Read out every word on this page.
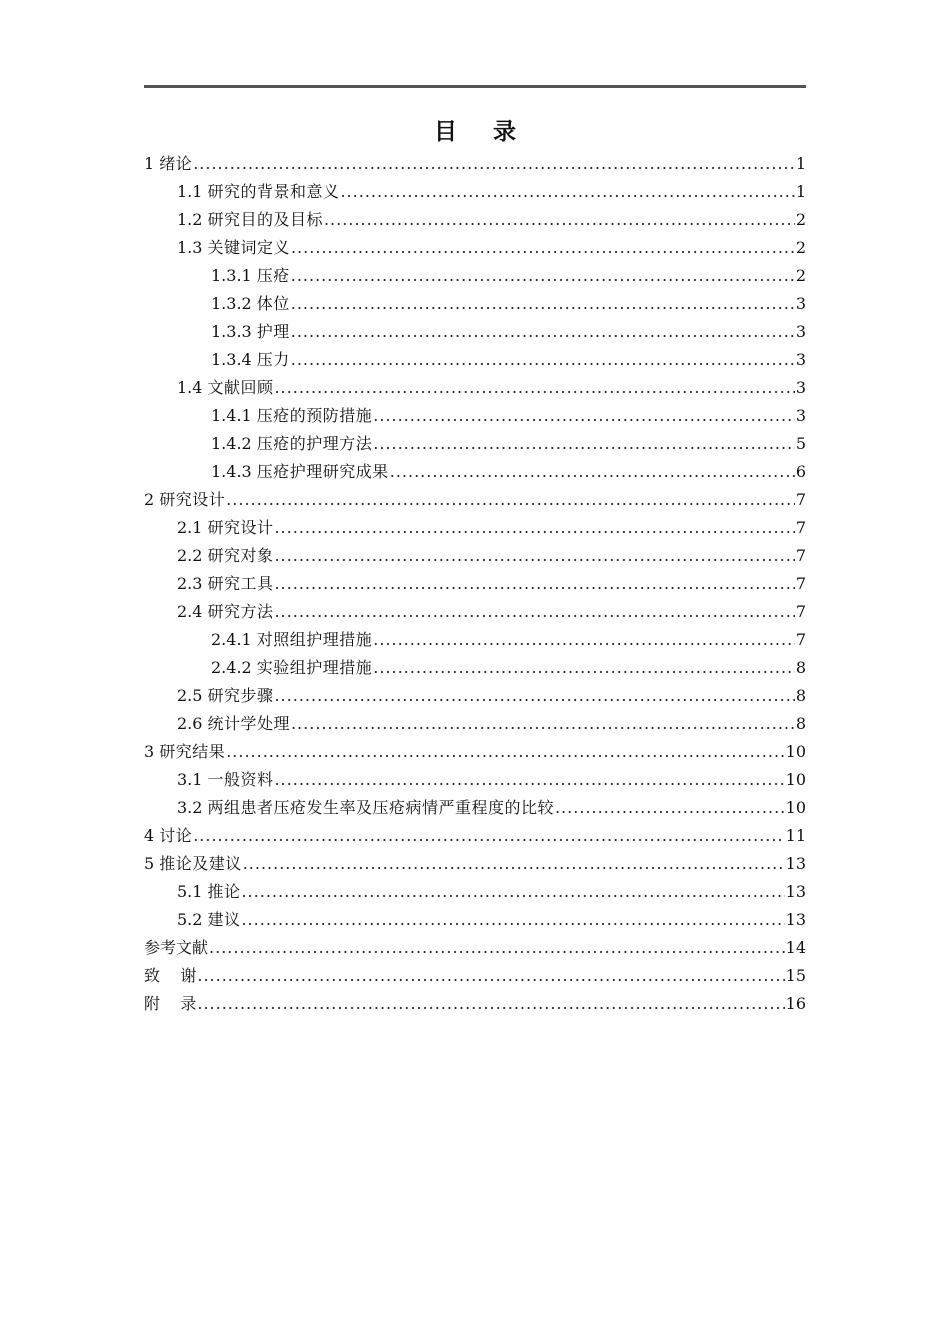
目 录
1 绪论 .....	1
1.1 研究的背景和意义 .....	1
1.2 研究目的及目标 .....	2
1.3 关键词定义 .....	2
1.3.1 压疮 .....	2
1.3.2 体位 .....	3
1.3.3 护理 .....	3
1.3.4 压力 .....	3
1.4 文献回顾 .....	3
1.4.1 压疮的预防措施 .....	3
1.4.2 压疮的护理方法 .....	5
1.4.3 压疮护理研究成果 .....	6
2 研究设计 .....	7
2.1 研究设计 .....	7
2.2 研究对象 .....	7
2.3 研究工具 .....	7
2.4 研究方法 .....	7
2.4.1 对照组护理措施 .....	7
2.4.2 实验组护理措施 .....	8
2.5 研究步骤 .....	8
2.6 统计学处理 .....	8
3 研究结果 .....	10
3.1 一般资料 .....	10
3.2 两组患者压疮发生率及压疮病情严重程度的比较 .....	10
4 讨论 .....	11
5 推论及建议 .....	13
5.1 推论 .....	13
5.2 建议 .....	13
参考文献 .....	14
致    谢 .....	15
附    录 .....	16
